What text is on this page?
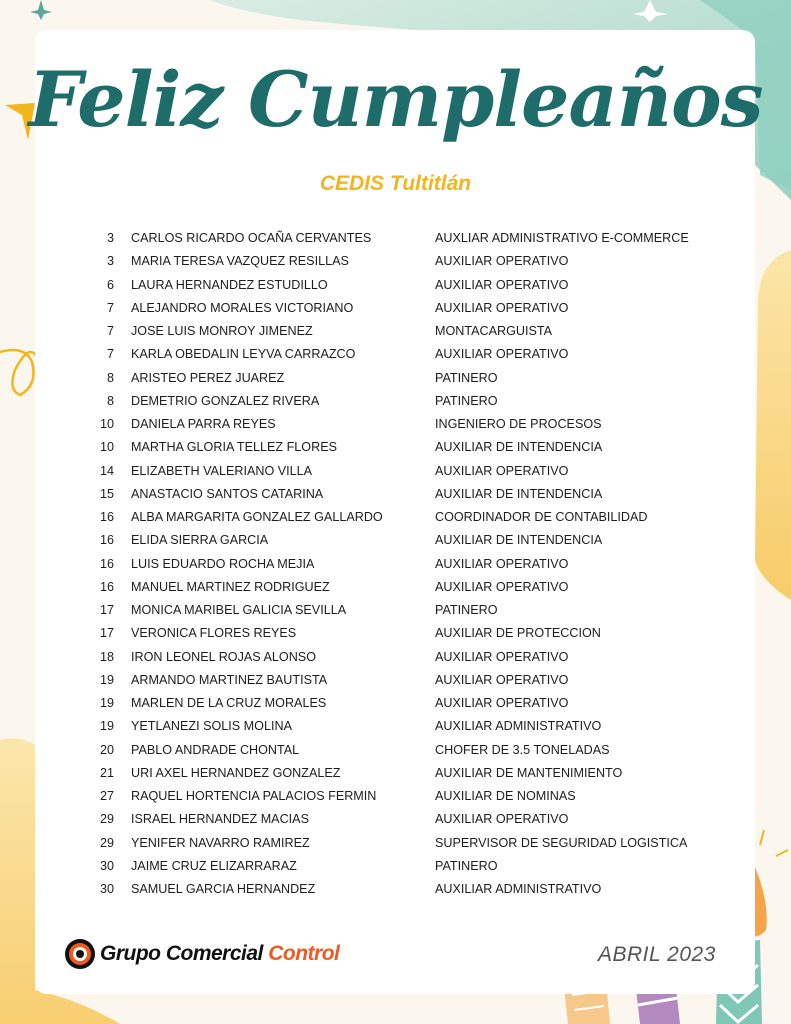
Feliz Cumpleaños
CEDIS Tultitlán
3 CARLOS RICARDO OCAÑA CERVANTES	AUXLIAR ADMINISTRATIVO E-COMMERCE
3 MARIA TERESA VAZQUEZ RESILLAS	AUXILIAR OPERATIVO
6 LAURA HERNANDEZ ESTUDILLO	AUXILIAR OPERATIVO
7 ALEJANDRO MORALES VICTORIANO	AUXILIAR OPERATIVO
7 JOSE LUIS MONROY JIMENEZ	MONTACARGUISTA
7 KARLA OBEDALIN LEYVA CARRAZCO	AUXILIAR OPERATIVO
8 ARISTEO PEREZ JUAREZ	PATINERO
8 DEMETRIO GONZALEZ RIVERA	PATINERO
10 DANIELA PARRA REYES	INGENIERO DE PROCESOS
10 MARTHA GLORIA TELLEZ FLORES	AUXILIAR DE INTENDENCIA
14 ELIZABETH VALERIANO VILLA	AUXILIAR OPERATIVO
15 ANASTACIO SANTOS CATARINA	AUXILIAR DE INTENDENCIA
16 ALBA MARGARITA GONZALEZ GALLARDO	COORDINADOR DE CONTABILIDAD
16 ELIDA SIERRA GARCIA	AUXILIAR DE INTENDENCIA
16 LUIS EDUARDO ROCHA MEJIA	AUXILIAR OPERATIVO
16 MANUEL MARTINEZ RODRIGUEZ	AUXILIAR OPERATIVO
17 MONICA MARIBEL GALICIA SEVILLA	PATINERO
17 VERONICA FLORES REYES	AUXILIAR DE PROTECCION
18 IRON LEONEL ROJAS ALONSO	AUXILIAR OPERATIVO
19 ARMANDO MARTINEZ BAUTISTA	AUXILIAR OPERATIVO
19 MARLEN DE LA CRUZ MORALES	AUXILIAR OPERATIVO
19 YETLANEZI SOLIS MOLINA	AUXILIAR ADMINISTRATIVO
20 PABLO ANDRADE CHONTAL	CHOFER DE 3.5 TONELADAS
21 URI AXEL HERNANDEZ GONZALEZ	AUXILIAR DE MANTENIMIENTO
27 RAQUEL HORTENCIA PALACIOS FERMIN	AUXILIAR DE NOMINAS
29 ISRAEL HERNANDEZ MACIAS	AUXILIAR OPERATIVO
29 YENIFER NAVARRO RAMIREZ	SUPERVISOR DE SEGURIDAD LOGISTICA
30 JAIME CRUZ ELIZARRARAZ	PATINERO
30 SAMUEL GARCIA HERNANDEZ	AUXILIAR ADMINISTRATIVO
Grupo Comercial Control	ABRIL 2023
